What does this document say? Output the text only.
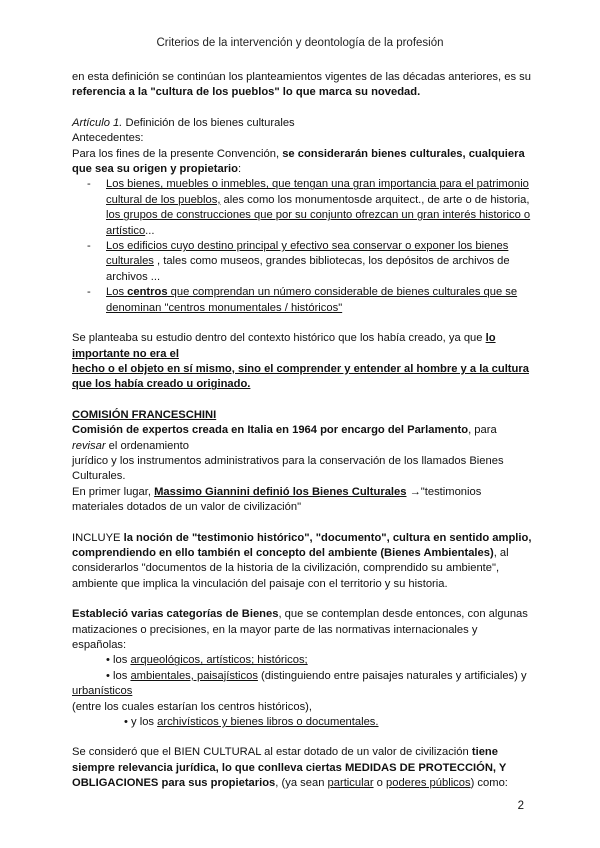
Criterios de la intervención y deontología de la profesión

en esta definición se continúan los planteamientos vigentes de las décadas anteriores, es su referencia a la "cultura de los pueblos" lo que marca su novedad.

Artículo 1. Definición de los bienes culturales

Antecedentes:

Para los fines de la presente Convención, se considerarán bienes culturales, cualquiera que sea su origen y propietario:

- Los bienes, muebles o inmebles, que tengan una gran importancia para el patrimonio cultural de los pueblos, ales como los monumentosde arquitect., de arte o de historia, los grupos de construcciones que por su conjunto ofrezcan un gran interés historico o artístico...
- Los edificios cuyo destino principal y efectivo sea conservar o exponer los bienes culturales , tales como museos, grandes bibliotecas, los depósitos de archivos de archivos ...
- Los centros que comprendan un número considerable de bienes culturales que se denominan "centros monumentales / históricos"

Se planteaba su estudio dentro del contexto histórico que los había creado, ya que lo importante no era el

hecho o el objeto en sí mismo, sino el comprender y entender al hombre y a la cultura que los había creado u originado.

COMISIÓN FRANCESCHINI

Comisión de expertos creada en Italia en 1964 por encargo del Parlamento, para
revisar el ordenamiento

jurídico y los instrumentos administrativos para la conservación de los llamados Bienes Culturales.

En primer lugar, Massimo Giannini definió los Bienes Culturales →"testimonios materiales dotados de un valor de civilización"

INCLUYE la noción de "testimonio histórico", "documento", cultura en sentido amplio, comprendiendo en ello también el concepto del ambiente (Bienes Ambientales), al considerarlos "documentos de la historia de la civilización, comprendido su ambiente", ambiente que implica la vinculación del paisaje con el territorio y su historia.

Estableció varias categorías de Bienes, que se contemplan desde entonces, con algunas matizaciones o precisiones, en la mayor parte de las normativas internacionales y españolas:

• los arqueológicos, artísticos; históricos;

• los ambientales, paisajísticos (distinguiendo entre paisajes naturales y artificiales) y

urbanísticos

(entre los cuales estarían los centros históricos),

• y los archivísticos y bienes libros o documentales.

Se consideró que el BIEN CULTURAL al estar dotado de un valor de civilización tiene siempre relevancia jurídica, lo que conlleva ciertas MEDIDAS DE PROTECCIÓN, Y OBLIGACIONES para sus propietarios, (ya sean particular o poderes públicos) como:

2
